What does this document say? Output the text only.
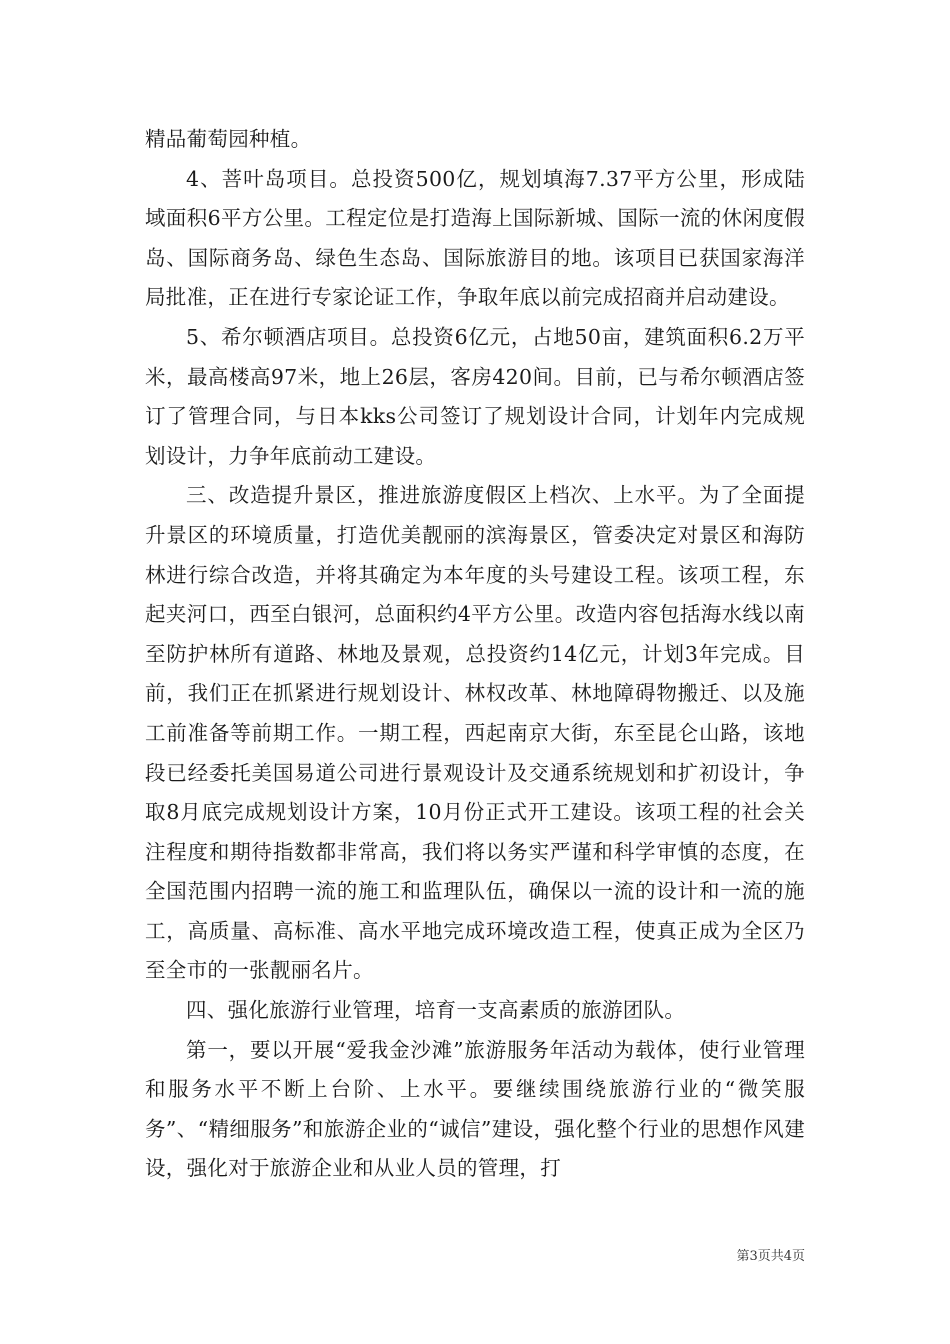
精品葡萄园种植。

4、菩叶岛项目。总投资500亿，规划填海7.37平方公里，形成陆域面积6平方公里。工程定位是打造海上国际新城、国际一流的休闲度假岛、国际商务岛、绿色生态岛、国际旅游目的地。该项目已获国家海洋局批准，正在进行专家论证工作，争取年底以前完成招商并启动建设。

5、希尔顿酒店项目。总投资6亿元，占地50亩，建筑面积6.2万平米，最高楼高97米，地上26层，客房420间。目前，已与希尔顿酒店签订了管理合同，与日本kks公司签订了规划设计合同，计划年内完成规划设计，力争年底前动工建设。

三、改造提升景区，推进旅游度假区上档次、上水平。为了全面提升景区的环境质量，打造优美靓丽的滨海景区，管委决定对景区和海防林进行综合改造，并将其确定为本年度的头号建设工程。该项工程，东起夹河口，西至白银河，总面积约4平方公里。改造内容包括海水线以南至防护林所有道路、林地及景观，总投资约14亿元，计划3年完成。目前，我们正在抓紧进行规划设计、林权改革、林地障碍物搬迁、以及施工前准备等前期工作。一期工程，西起南京大街，东至昆仑山路，该地段已经委托美国易道公司进行景观设计及交通系统规划和扩初设计，争取8月底完成规划设计方案，10月份正式开工建设。该项工程的社会关注程度和期待指数都非常高，我们将以务实严谨和科学审慎的态度，在全国范围内招聘一流的施工和监理队伍，确保以一流的设计和一流的施工，高质量、高标准、高水平地完成环境改造工程，使真正成为全区乃至全市的一张靓丽名片。

四、强化旅游行业管理，培育一支高素质的旅游团队。

第一，要以开展“爱我金沙滩”旅游服务年活动为载体，使行业管理和服务水平不断上台阶、上水平。要继续围绕旅游行业的“微笑服务”、“精细服务”和旅游企业的“诚信”建设，强化整个行业的思想作风建设，强化对于旅游企业和从业人员的管理，打

第3页共4页
